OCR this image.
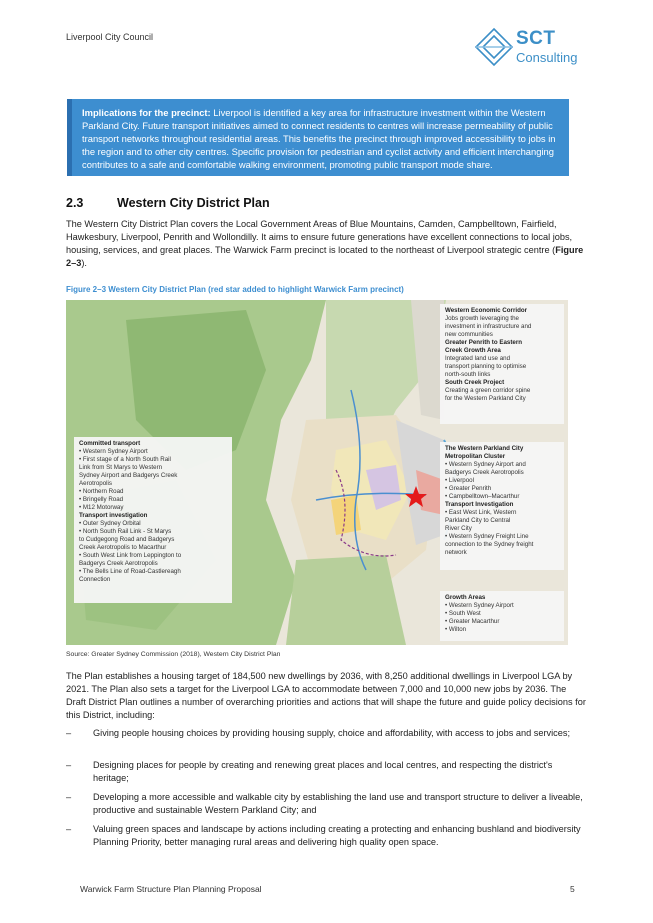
Liverpool City Council	SCT
Consulting
Implications for the precinct: Liverpool is identified a key area for infrastructure investment within the Western Parkland City. Future transport initiatives aimed to connect residents to centres will increase permeability of public transport networks throughout residential areas. This benefits the precinct through improved accessibility to jobs in the region and to other city centres. Specific provision for pedestrian and cyclist activity and efficient interchanging contributes to a safe and comfortable walking environment, promoting public transport mode share.
2.3	Western City District Plan
The Western City District Plan covers the Local Government Areas of Blue Mountains, Camden, Campbelltown, Fairfield, Hawkesbury, Liverpool, Penrith and Wollondilly. It aims to ensure future generations have excellent connections to local jobs, housing, services, and great places. The Warwick Farm precinct is located to the northeast of Liverpool strategic centre (Figure 2–3).
Figure 2–3 Western City District Plan (red star added to highlight Warwick Farm precinct)
Committed transport
• Western Sydney Airport
• First stage of a North South Rail
Link from St Marys to Western
Sydney Airport and Badgerys Creek
Aerotropolis
• Northern Road
• Bringelly Road
• M12 Motorway
Transport investigation
• Outer Sydney Orbital
• North South Rail Link - St Marys
to Cudgegong Road and Badgerys
Creek Aerotropolis to Macarthur
• South West Link from Leppington to
Badgerys Creek Aerotropolis
• The Bells Line of Road-Castlereagh
Connection
Western Economic Corridor
Jobs growth leveraging the
investment in infrastructure and
new communities
Greater Penrith to Eastern
Creek Growth Area
Integrated land use and
transport planning to optimise
north-south links
South Creek Project
Creating a green corridor spine
for the Western Parkland City
The Western Parkland City
Metropolitan Cluster
• Western Sydney Airport and
Badgerys Creek Aerotropolis
• Liverpool
• Greater Penrith
• Campbelltown–Macarthur
Transport Investigation
• East West Link, Western
Parkland City to Central
River City
• Western Sydney Freight Line
connection to the Sydney freight
network
Growth Areas
• Western Sydney Airport
• South West
• Greater Macarthur
• Wilton
Source: Greater Sydney Commission (2018), Western City District Plan
The Plan establishes a housing target of 184,500 new dwellings by 2036, with 8,250 additional dwellings in Liverpool LGA by 2021. The Plan also sets a target for the Liverpool LGA to accommodate between 7,000 and 10,000 new jobs by 2036. The Draft District Plan outlines a number of overarching priorities and actions that will shape the future and guide policy decisions for this District, including:
– Giving people housing choices by providing housing supply, choice and affordability, with access to jobs and services;
– Designing places for people by creating and renewing great places and local centres, and respecting the district's heritage;
– Developing a more accessible and walkable city by establishing the land use and transport structure to deliver a liveable, productive and sustainable Western Parkland City; and
– Valuing green spaces and landscape by actions including creating a protecting and enhancing bushland and biodiversity Planning Priority, better managing rural areas and delivering high quality open space.
Warwick Farm Structure Plan Planning Proposal	5
